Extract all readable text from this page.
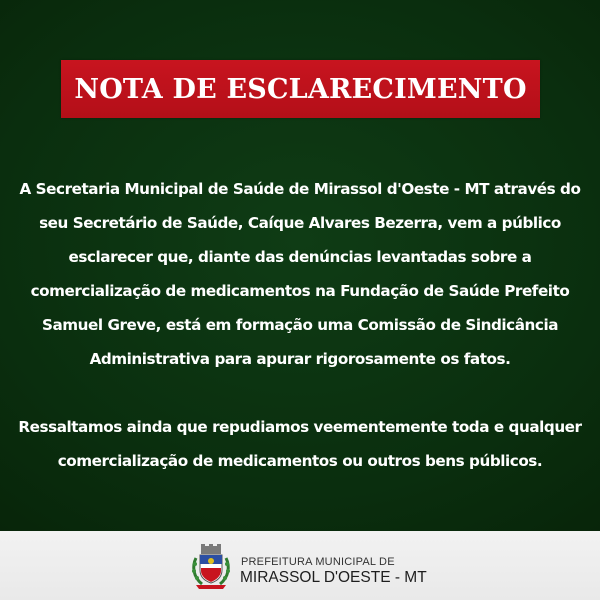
NOTA DE ESCLARECIMENTO
A Secretaria Municipal de Saúde de Mirassol d'Oeste - MT através do
seu Secretário de Saúde, Caíque Alvares Bezerra, vem a público
esclarecer que, diante das denúncias levantadas sobre a
comercialização de medicamentos na Fundação de Saúde Prefeito
Samuel Greve, está em formação uma Comissão de Sindicância
Administrativa para apurar rigorosamente os fatos.
Ressaltamos ainda que repudiamos veementemente toda e qualquer
comercialização de medicamentos ou outros bens públicos.
PREFEITURA MUNICIPAL DE
MIRASSOL D'OESTE - MT
